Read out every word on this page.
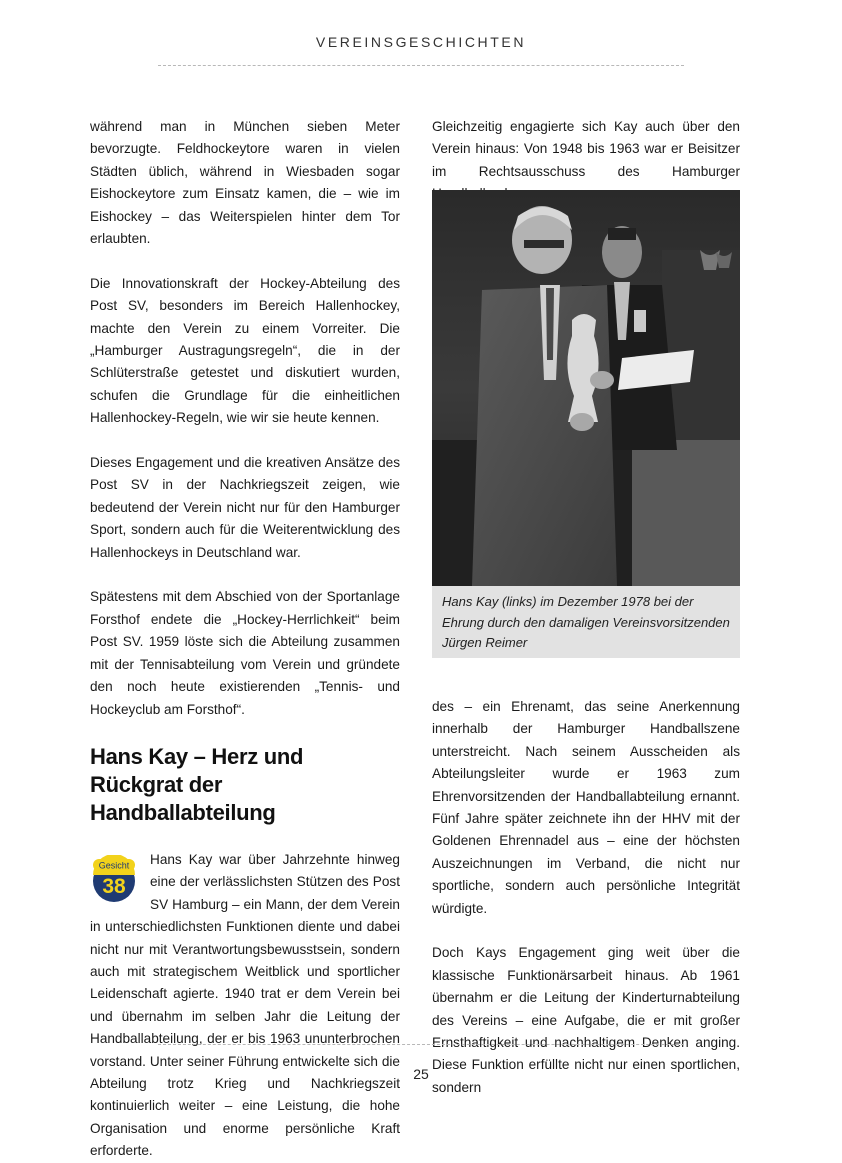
VEREINSGESCHICHTEN

während man in München sieben Meter bevorzugte. Feldhockeytore waren in vielen Städten üblich, während in Wiesbaden sogar Eishockeytore zum Einsatz kamen, die – wie im Eishockey – das Weiterspielen hinter dem Tor erlaubten.

Die Innovationskraft der Hockey-Abteilung des Post SV, besonders im Bereich Hallenhockey, machte den Verein zu einem Vorreiter. Die „Hamburger Austragungsregeln“, die in der Schlüterstraße getestet und diskutiert wurden, schufen die Grundlage für die einheitlichen Hallenhockey-Regeln, wie wir sie heute kennen.

Dieses Engagement und die kreativen Ansätze des Post SV in der Nachkriegszeit zeigen, wie bedeutend der Verein nicht nur für den Hamburger Sport, sondern auch für die Weiterentwicklung des Hallenhockeys in Deutschland war.

Spätestens mit dem Abschied von der Sportanlage Forsthof endete die „Hockey-Herrlichkeit“ beim Post SV. 1959 löste sich die Abteilung zusammen mit der Tennisabteilung vom Verein und gründete den noch heute existierenden „Tennis- und Hockeyclub am Forsthof“.

Hans Kay – Herz und Rückgrat der Handballabteilung
Gesicht
38

Hans Kay war über Jahrzehnte hinweg eine der verlässlichsten Stützen des Post SV Hamburg – ein Mann, der dem Verein in unterschiedlichsten Funktionen diente und dabei nicht nur mit Verantwortungsbewusstsein, sondern auch mit strategischem Weitblick und sportlicher Leidenschaft agierte. 1940 trat er dem Verein bei und übernahm im selben Jahr die Leitung der Handballabteilung, der er bis 1963 ununterbrochen vorstand. Unter seiner Führung entwickelte sich die Abteilung trotz Krieg und Nachkriegszeit kontinuierlich weiter – eine Leistung, die hohe Organisation und enorme persönliche Kraft erforderte.

Gleichzeitig engagierte sich Kay auch über den Verein hinaus: Von 1948 bis 1963 war er Beisitzer im Rechtsausschuss des Hamburger

Hans Kay (links) im Dezember 1978 bei der Ehrung durch den damaligen Vereinsvorsitzenden Jürgen Reimer

des – ein Ehrenamt, das seine Anerkennung innerhalb der Hamburger Handballszene unterstreicht. Nach seinem Ausscheiden als Abteilungsleiter wurde er 1963 zum Ehrenvorsitzenden der Handballabteilung ernannt. Fünf Jahre später zeichnete ihn der HHV mit der Goldenen Ehrennadel aus – eine der höchsten Auszeichnungen im Verband, die nicht nur sportliche, sondern auch persönliche Integrität würdigte.

Doch Kays Engagement ging weit über die klassische Funktionärsarbeit hinaus. Ab 1961 übernahm er die Leitung der Kinderturnabteilung des Vereins – eine Aufgabe, die er mit großer Ernsthaftigkeit und nachhaltigem Denken anging. Diese Funktion erfüllte nicht nur einen sportlichen, sondern

25
